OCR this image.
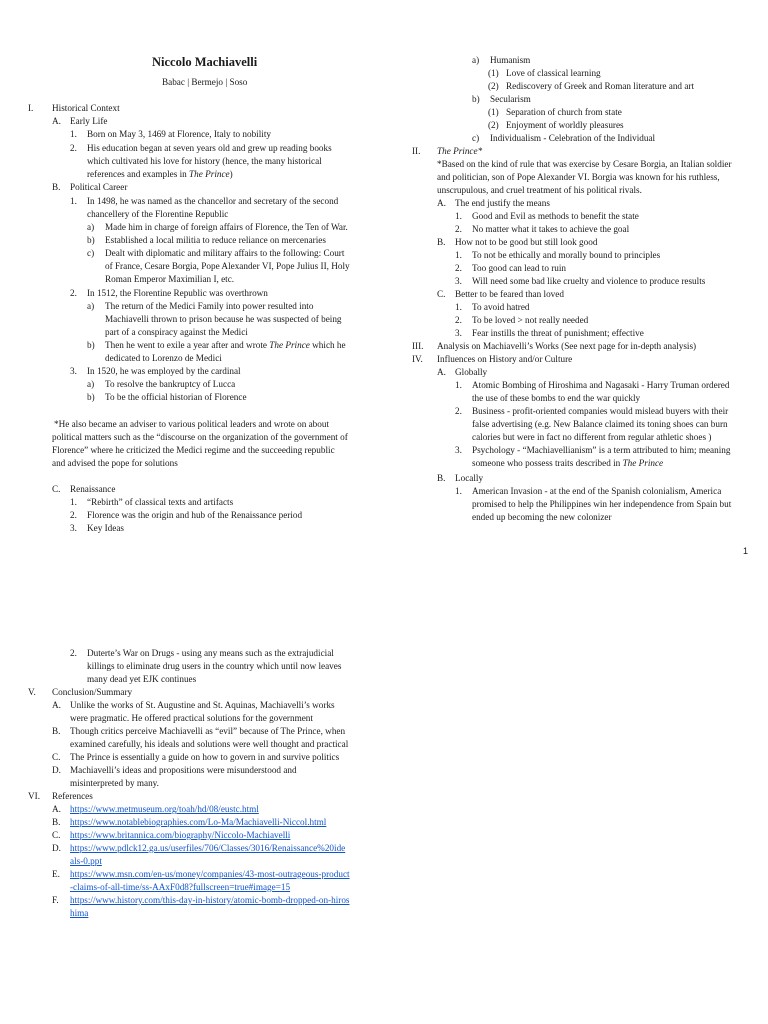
Niccolo Machiavelli
Babac | Bermejo | Soso
I. Historical Context
A. Early Life
1. Born on May 3, 1469 at Florence, Italy to nobility
2. His education began at seven years old and grew up reading books
which cultivated his love for history (hence, the many historical
references and examples in The Prince)
B. Political Career
1. In 1498, he was named as the chancellor and secretary of the second
chancellery of the Florentine Republic
a) Made him in charge of foreign affairs of Florence, the Ten of War.
b) Established a local militia to reduce reliance on mercenaries
c) Dealt with diplomatic and military affairs to the following: Court
of France, Cesare Borgia, Pope Alexander VI, Pope Julius II, Holy
Roman Emperor Maximilian I, etc.
2. In 1512, the Florentine Republic was overthrown
a) The return of the Medici Family into power resulted into
Machiavelli thrown to prison because he was suspected of being
part of a conspiracy against the Medici
b) Then he went to exile a year after and wrote The Prince which he
dedicated to Lorenzo de Medici
3. In 1520, he was employed by the cardinal
a) To resolve the bankruptcy of Lucca
b) To be the official historian of Florence
*He also became an adviser to various political leaders and wrote on about
political matters such as the “discourse on the organization of the government of
Florence” where he criticized the Medici regime and the succeeding republic
and advised the pope for solutions
C. Renaissance
1. “Rebirth” of classical texts and artifacts
2. Florence was the origin and hub of the Renaissance period
3. Key Ideas
a) Humanism
(1) Love of classical learning
(2) Rediscovery of Greek and Roman literature and art
b) Secularism
(1) Separation of church from state
(2) Enjoyment of worldly pleasures
c) Individualism - Celebration of the Individual
II. The Prince*
*Based on the kind of rule that was exercise by Cesare Borgia, an Italian soldier
and politician, son of Pope Alexander VI. Borgia was known for his ruthless,
unscrupulous, and cruel treatment of his political rivals.
A. The end justify the means
1. Good and Evil as methods to benefit the state
2. No matter what it takes to achieve the goal
B. How not to be good but still look good
1. To not be ethically and morally bound to principles
2. Too good can lead to ruin
3. Will need some bad like cruelty and violence to produce results
C. Better to be feared than loved
1. To avoid hatred
2. To be loved > not really needed
3. Fear instills the threat of punishment; effective
III. Analysis on Machiavelli’s Works (See next page for in-depth analysis)
IV. Influences on History and/or Culture
A. Globally
1. Atomic Bombing of Hiroshima and Nagasaki - Harry Truman ordered
the use of these bombs to end the war quickly
2. Business - profit-oriented companies would mislead buyers with their
false advertising (e.g. New Balance claimed its toning shoes can burn
calories but were in fact no different from regular athletic shoes )
3. Psychology - “Machiavellianism” is a term attributed to him; meaning
someone who possess traits described in The Prince
B. Locally
1. American Invasion - at the end of the Spanish colonialism, America
promised to help the Philippines win her independence from Spain but
ended up becoming the new colonizer
1
2. Duterte’s War on Drugs - using any means such as the extrajudicial
killings to eliminate drug users in the country which until now leaves
many dead yet EJK continues
V. Conclusion/Summary
A. Unlike the works of St. Augustine and St. Aquinas, Machiavelli’s works
were pragmatic. He offered practical solutions for the government
B. Though critics perceive Machiavelli as “evil” because of The Prince, when
examined carefully, his ideals and solutions were well thought and practical
C. The Prince is essentially a guide on how to govern in and survive politics
D. Machiavelli’s ideas and propositions were misunderstood and
misinterpreted by many.
VI. References
A. https://www.metmuseum.org/toah/hd/08/eustc.html
B. https://www.notablebiographies.com/Lo-Ma/Machiavelli-Niccol.html
C. https://www.britannica.com/biography/Niccolo-Machiavelli
D. https://www.pdlck12.ga.us/userfiles/706/Classes/3016/Renaissance%20ide
als-0.ppt
E. https://www.msn.com/en-us/money/companies/43-most-outrageous-product
-claims-of-all-time/ss-AAxF0d8?fullscreen=true#image=15
F. https://www.history.com/this-day-in-history/atomic-bomb-dropped-on-hiros
hima
